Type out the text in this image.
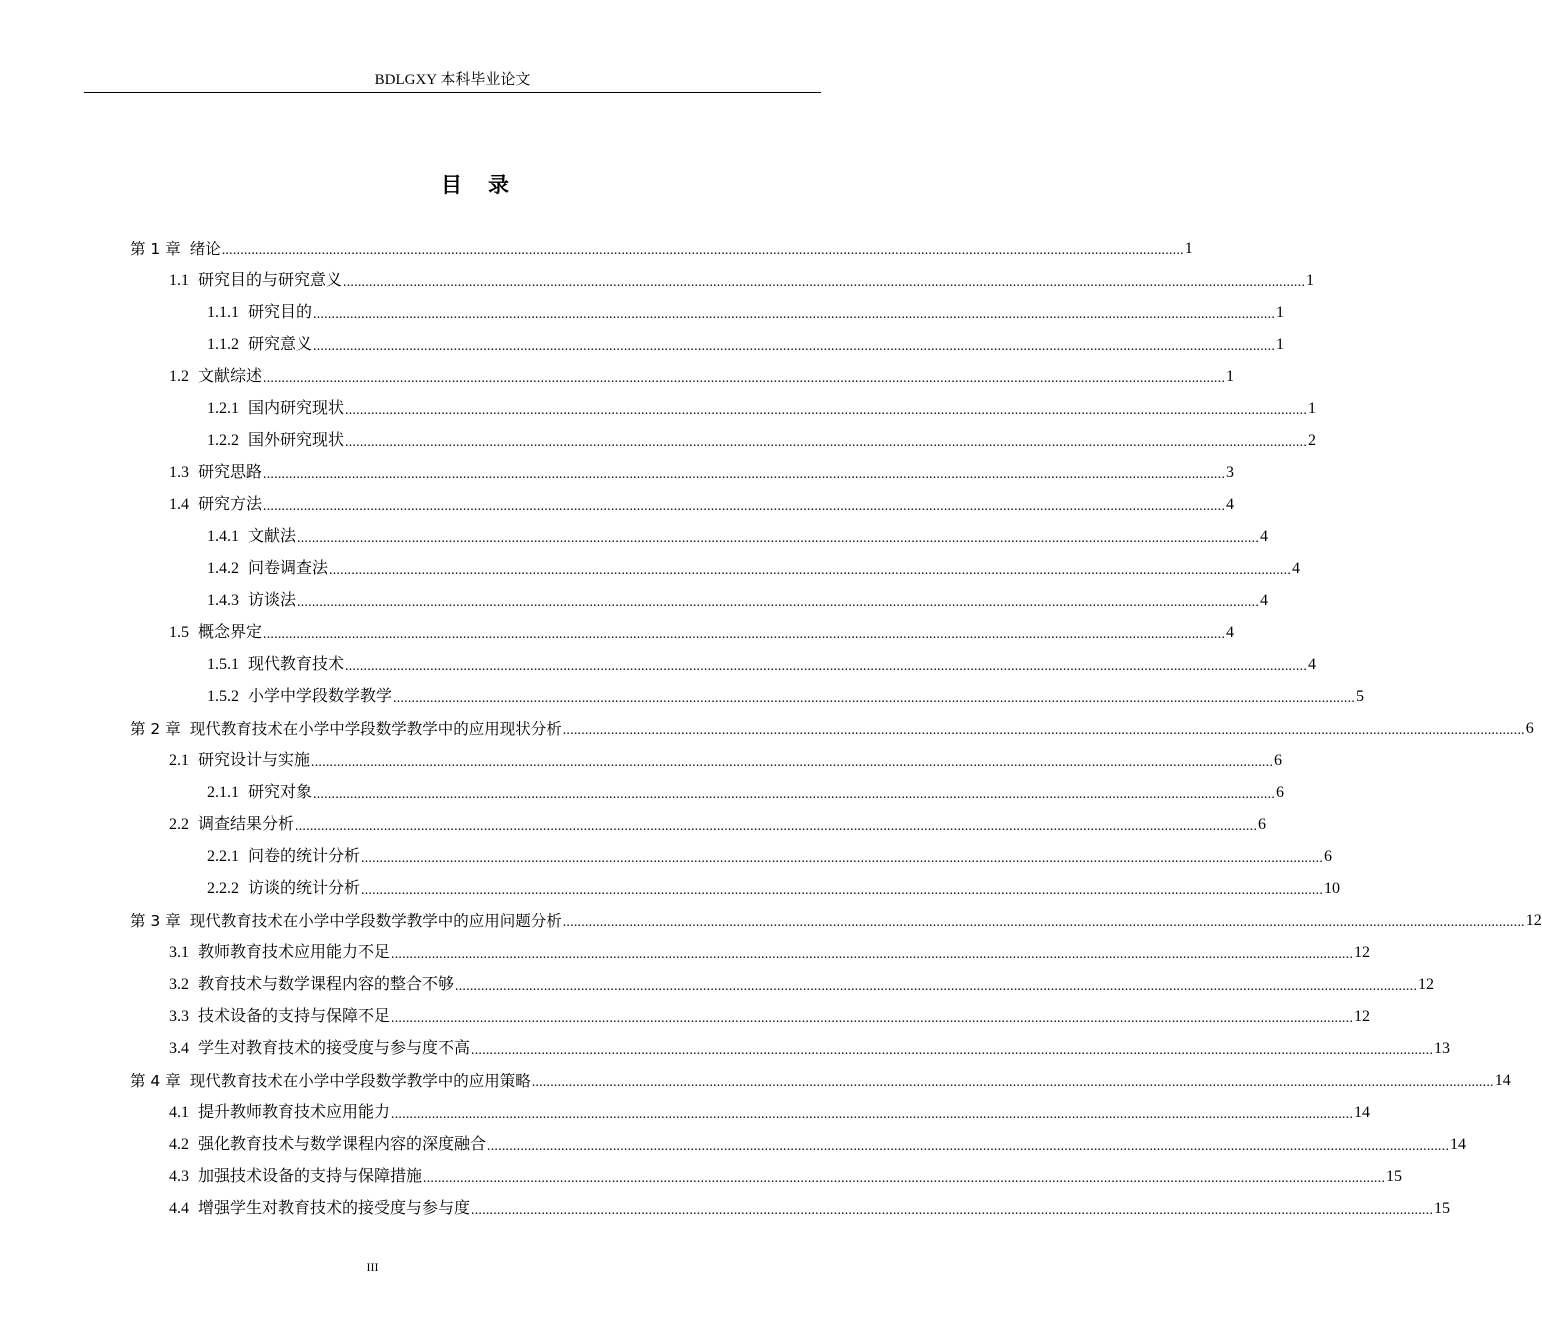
BDLGXY 本科毕业论文
目录
第 1 章 绪论 .................................................................................................................................................................................................................................................................... 1
1.1 研究目的与研究意义 .................................................................................................................................................................................................................................................................... 1
1.1.1 研究目的 .................................................................................................................................................................................................................................................................... 1
1.1.2 研究意义 .................................................................................................................................................................................................................................................................... 1
1.2 文献综述 .................................................................................................................................................................................................................................................................... 1
1.2.1 国内研究现状 .................................................................................................................................................................................................................................................................... 1
1.2.2 国外研究现状 .................................................................................................................................................................................................................................................................... 2
1.3 研究思路 .................................................................................................................................................................................................................................................................... 3
1.4 研究方法 .................................................................................................................................................................................................................................................................... 4
1.4.1 文献法 .................................................................................................................................................................................................................................................................... 4
1.4.2 问卷调查法 .................................................................................................................................................................................................................................................................... 4
1.4.3 访谈法 .................................................................................................................................................................................................................................................................... 4
1.5 概念界定 .................................................................................................................................................................................................................................................................... 4
1.5.1 现代教育技术 .................................................................................................................................................................................................................................................................... 4
1.5.2 小学中学段数学教学 .................................................................................................................................................................................................................................................................... 5
第 2 章 现代教育技术在小学中学段数学教学中的应用现状分析 .................................................................................................................................................................................................................................................................... 6
2.1 研究设计与实施 .................................................................................................................................................................................................................................................................... 6
2.1.1 研究对象 .................................................................................................................................................................................................................................................................... 6
2.2 调查结果分析 .................................................................................................................................................................................................................................................................... 6
2.2.1 问卷的统计分析 .................................................................................................................................................................................................................................................................... 6
2.2.2 访谈的统计分析 .................................................................................................................................................................................................................................................................... 10
第 3 章 现代教育技术在小学中学段数学教学中的应用问题分析 .................................................................................................................................................................................................................................................................... 12
3.1 教师教育技术应用能力不足 .................................................................................................................................................................................................................................................................... 12
3.2 教育技术与数学课程内容的整合不够 .................................................................................................................................................................................................................................................................... 12
3.3 技术设备的支持与保障不足 .................................................................................................................................................................................................................................................................... 12
3.4 学生对教育技术的接受度与参与度不高 .................................................................................................................................................................................................................................................................... 13
第 4 章 现代教育技术在小学中学段数学教学中的应用策略 .................................................................................................................................................................................................................................................................... 14
4.1 提升教师教育技术应用能力 .................................................................................................................................................................................................................................................................... 14
4.2 强化教育技术与数学课程内容的深度融合 .................................................................................................................................................................................................................................................................... 14
4.3 加强技术设备的支持与保障措施 .................................................................................................................................................................................................................................................................... 15
4.4 增强学生对教育技术的接受度与参与度 .................................................................................................................................................................................................................................................................... 15
III
